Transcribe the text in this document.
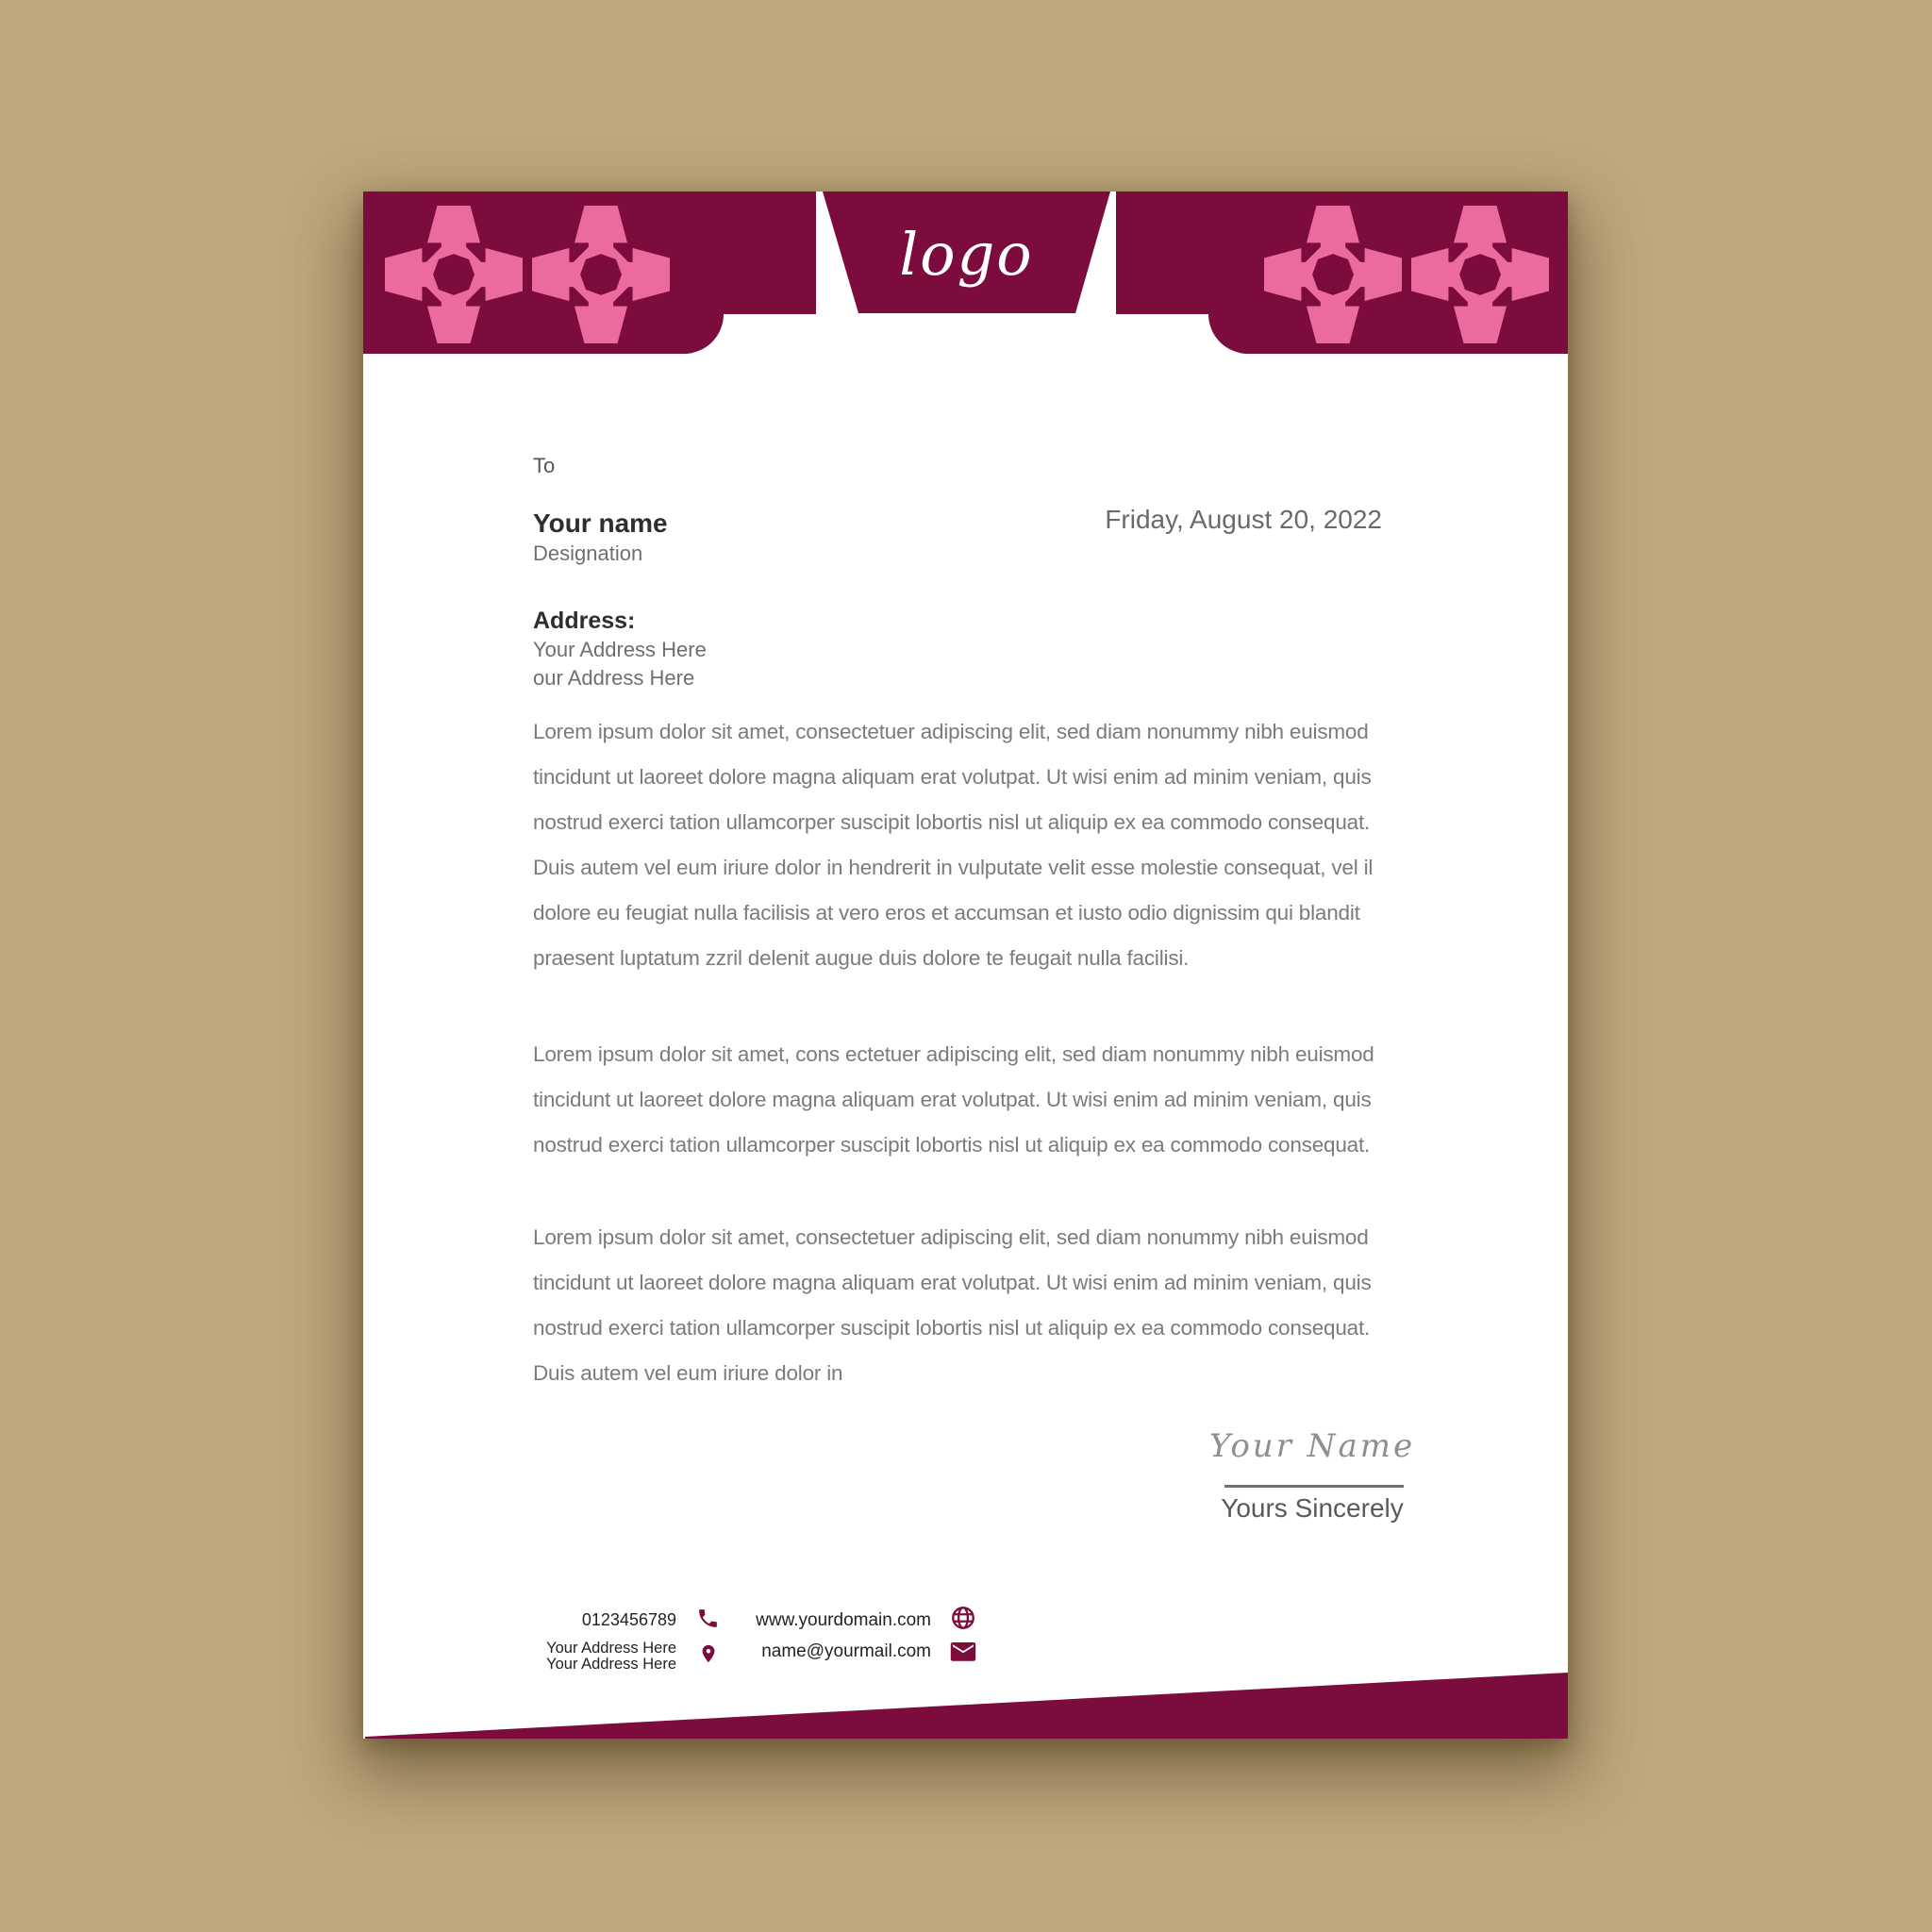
logo
To
Friday, August 20, 2022
Your name
Designation
Address:
Your Address Here
our Address Here
Lorem ipsum dolor sit amet, consectetuer adipiscing elit, sed diam nonummy nibh euismod
tincidunt ut laoreet dolore magna aliquam erat volutpat. Ut wisi enim ad minim veniam, quis
nostrud exerci tation ullamcorper suscipit lobortis nisl ut aliquip ex ea commodo consequat.
Duis autem vel eum iriure dolor in hendrerit in vulputate velit esse molestie consequat, vel il
dolore eu feugiat nulla facilisis at vero eros et accumsan et iusto odio dignissim qui blandit
praesent luptatum zzril delenit augue duis dolore te feugait nulla facilisi.
Lorem ipsum dolor sit amet, cons ectetuer adipiscing elit, sed diam nonummy nibh euismod
tincidunt ut laoreet dolore magna aliquam erat volutpat. Ut wisi enim ad minim veniam, quis
nostrud exerci tation ullamcorper suscipit lobortis nisl ut aliquip ex ea commodo consequat.
Lorem ipsum dolor sit amet, consectetuer adipiscing elit, sed diam nonummy nibh euismod
tincidunt ut laoreet dolore magna aliquam erat volutpat. Ut wisi enim ad minim veniam, quis
nostrud exerci tation ullamcorper suscipit lobortis nisl ut aliquip ex ea commodo consequat.
Duis autem vel eum iriure dolor in
Your Name
Yours Sincerely
0123456789
Your Address Here
Your Address Here
www.yourdomain.com
name@yourmail.com
